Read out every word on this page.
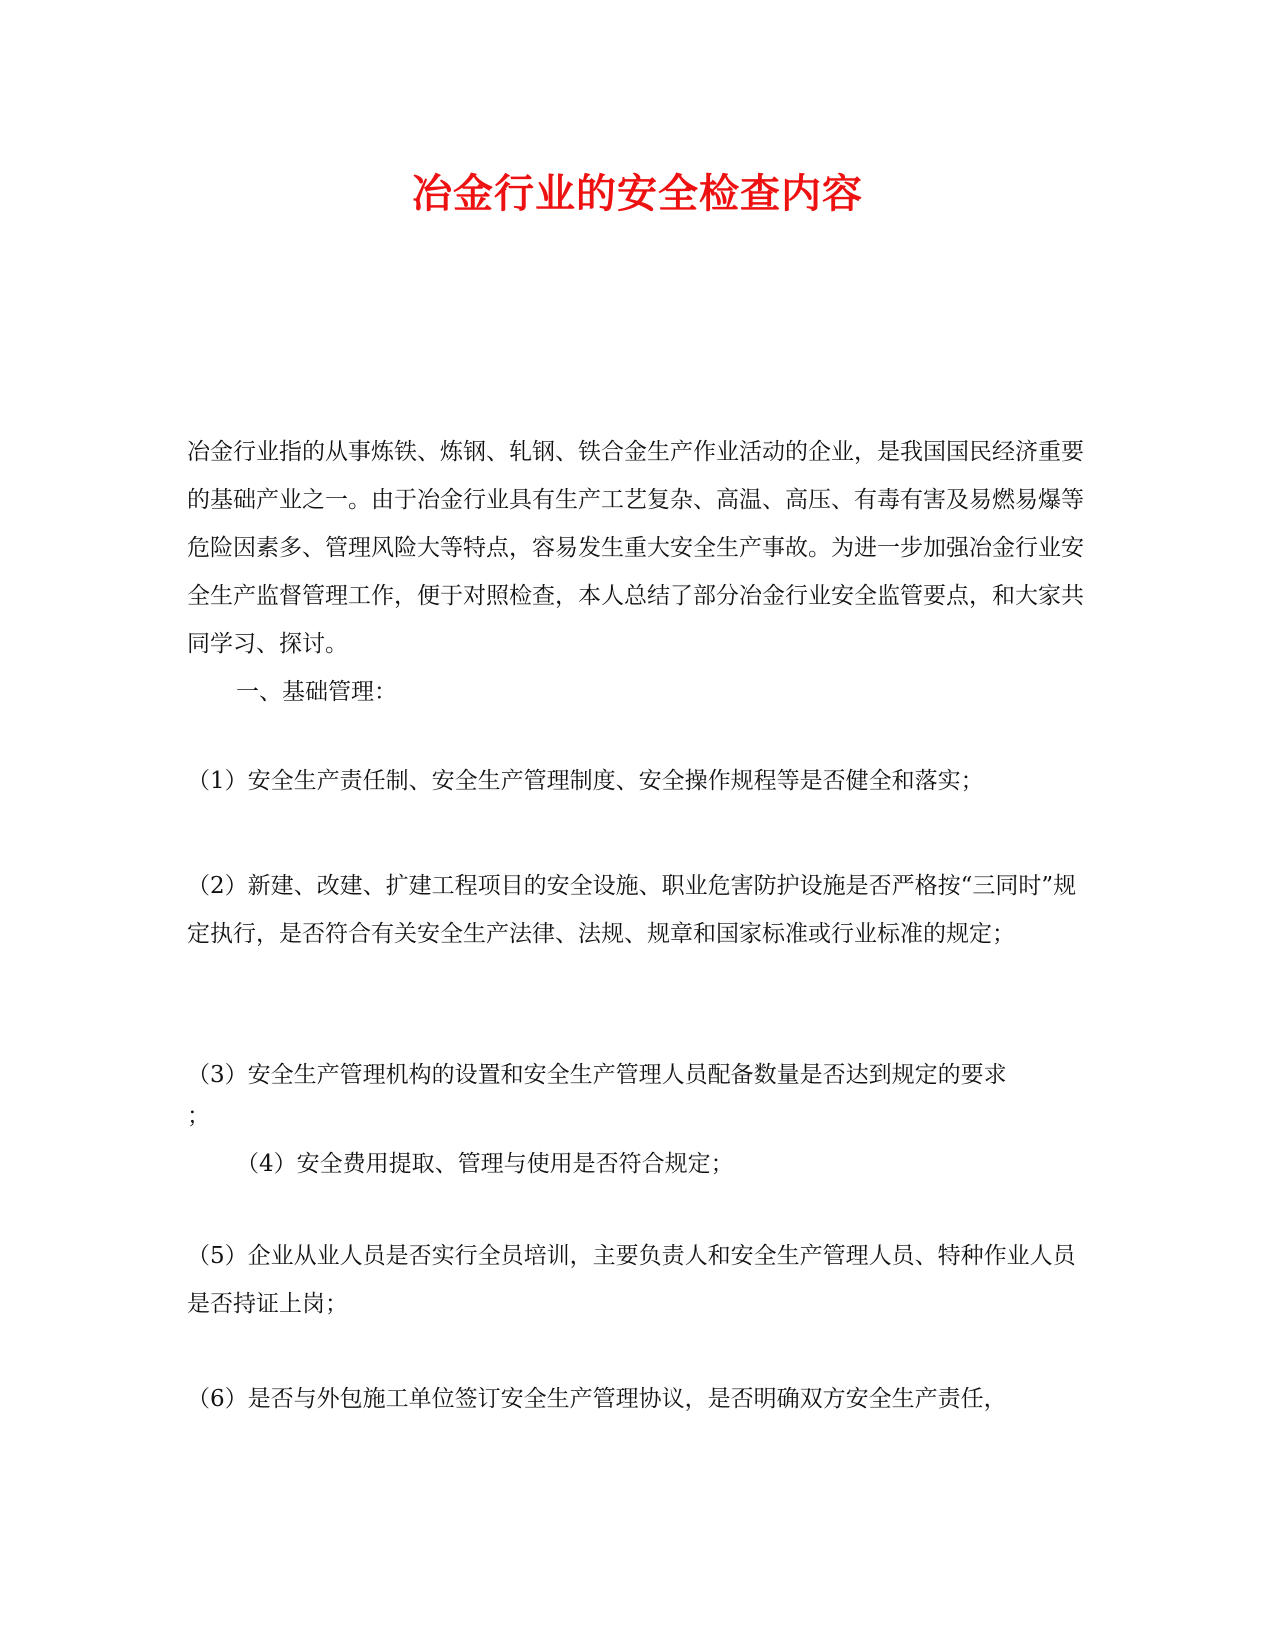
冶金行业的安全检查内容

冶金行业指的从事炼铁、炼钢、轧钢、铁合金生产作业活动的企业，是我国国民经济重要的基础产业之一。由于冶金行业具有生产工艺复杂、高温、高压、有毒有害及易燃易爆等危险因素多、管理风险大等特点，容易发生重大安全生产事故。为进一步加强冶金行业安全生产监督管理工作，便于对照检查，本人总结了部分冶金行业安全监管要点，和大家共同学习、探讨。

一、基础管理：

（1）安全生产责任制、安全生产管理制度、安全操作规程等是否健全和落实；

（2）新建、改建、扩建工程项目的安全设施、职业危害防护设施是否严格按“三同时”规定执行，是否符合有关安全生产法律、法规、规章和国家标准或行业标准的规定；

（3）安全生产管理机构的设置和安全生产管理人员配备数量是否达到规定的要求

；

（4）安全费用提取、管理与使用是否符合规定；

（5）企业从业人员是否实行全员培训，主要负责人和安全生产管理人员、特种作业人员是否持证上岗；

（6）是否与外包施工单位签订安全生产管理协议，是否明确双方安全生产责任，
